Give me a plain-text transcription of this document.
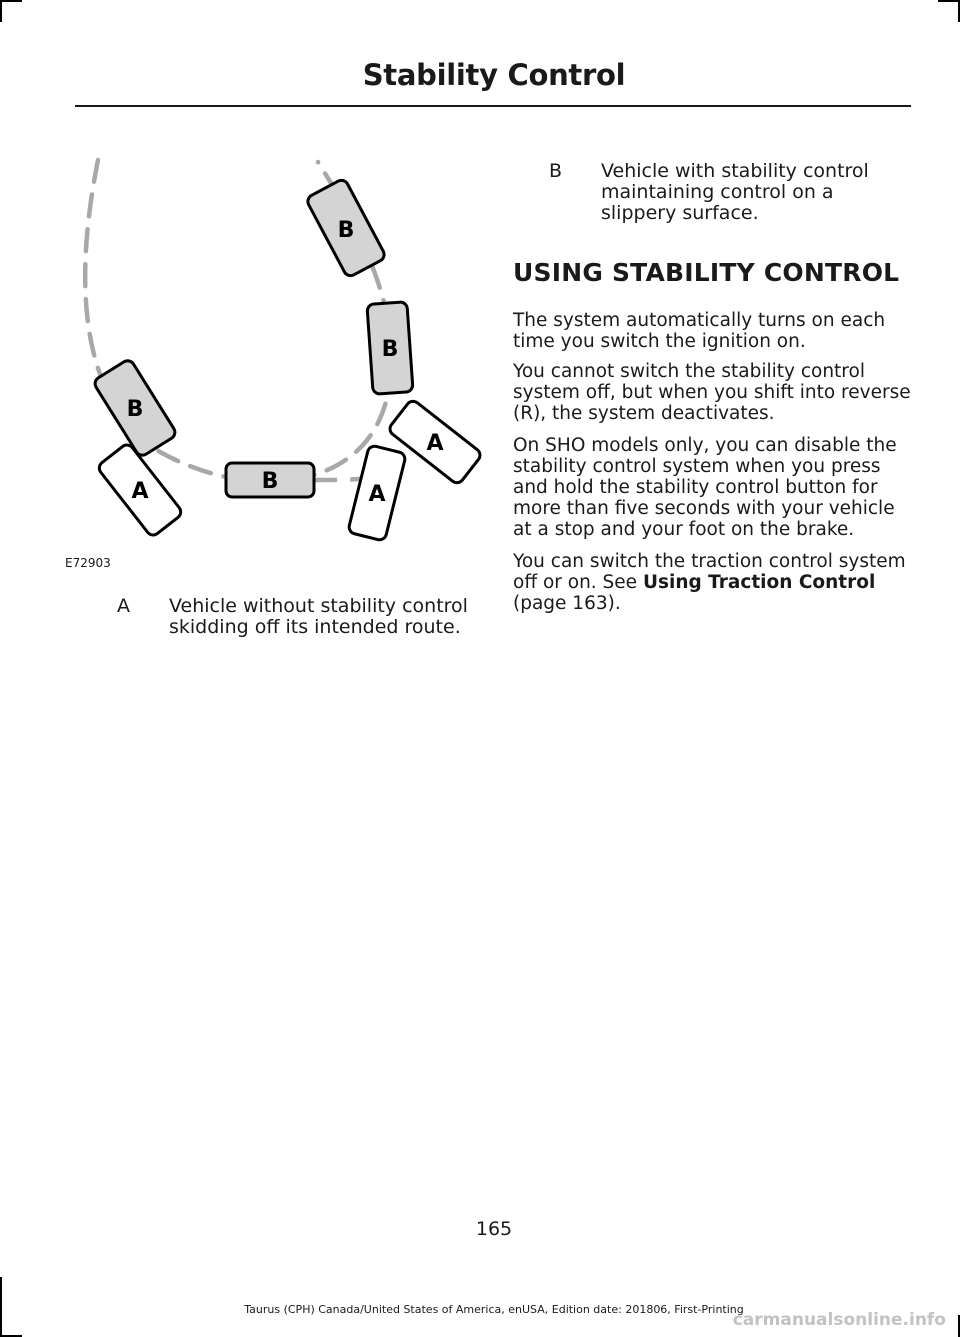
Stability Control
B
B
B
B
A	A
A
E72903
A Vehicle without stability control skidding off its intended route.
B Vehicle with stability control maintaining control on a slippery surface.
USING STABILITY CONTROL
The system automatically turns on each time you switch the ignition on.
You cannot switch the stability control system off, but when you shift into reverse (R), the system deactivates.
On SHO models only, you can disable the stability control system when you press and hold the stability control button for more than five seconds with your vehicle at a stop and your foot on the brake.
You can switch the traction control system off or on. See Using Traction Control (page 163).
165
Taurus (CPH) Canada/United States of America, enUSA, Edition date: 201806, First-Printing
carmanualsonline.info
